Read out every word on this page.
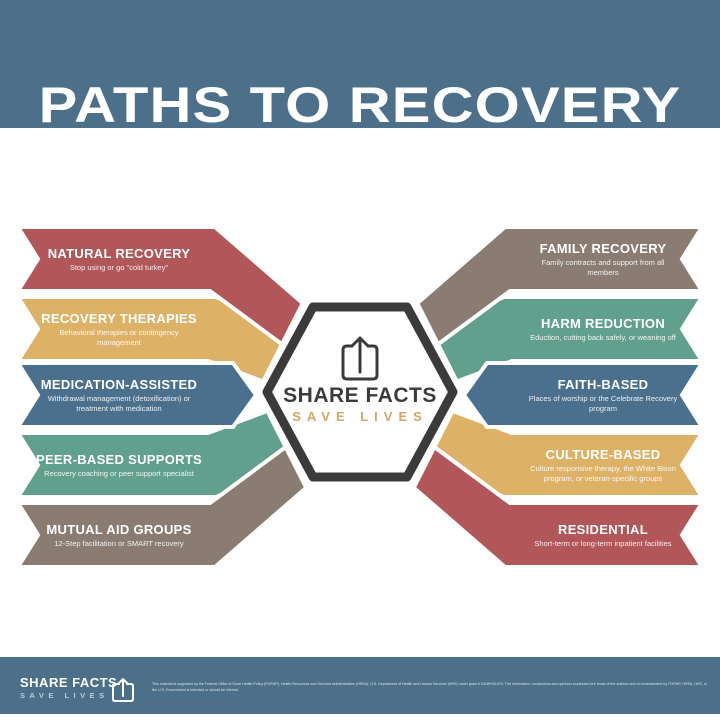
PATHS TO RECOVERY
NATURAL RECOVERY
Stop using or go "cold turkey"
RECOVERY THERAPIES
Behavioral therapies or contingency management
MEDICATION-ASSISTED
Withdrawal management (detoxification) or treatment with medication
PEER-BASED SUPPORTS
Recovery coaching or peer support specialist
MUTUAL AID GROUPS
12-Step facilitation or SMART recovery
FAMILY RECOVERY
Family contracts and support from all members
HARM REDUCTION
Eduction, cutting back safely, or weaning off
FAITH-BASED
Places of worship or the Celebrate Recovery program
CULTURE-BASED
Culture responsive therapy, the White Bison program, or veteran-specific groups
RESIDENTIAL
Short-term or long-term inpatient facilities
SHARE FACTS
SAVE LIVES
SHARE FACTS
SAVE LIVES
This material is supported by the Federal Office of Rural Health Policy (FORHP), Health Resources and Services Administration (HRSA), U.S. Department of Health and Human Services (HHS) under grant # D04RH31479. The information, conclusions and opinions expressed are those of the authors and no endorsement by FORHP, HRSA, HHS, or the U.S. Government is intended or should be inferred.
